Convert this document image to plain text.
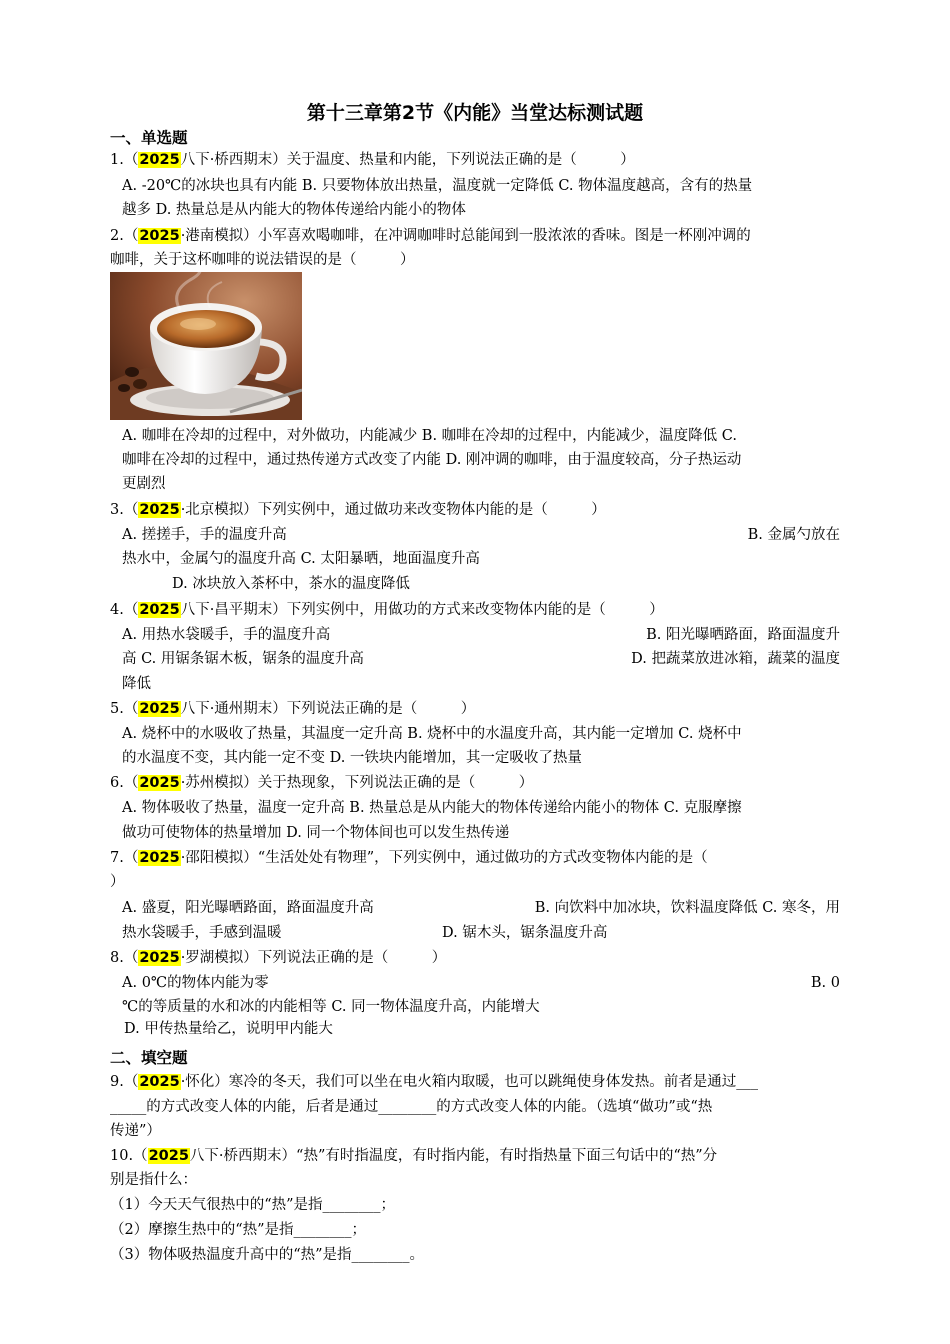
第十三章第2节《内能》当堂达标测试题
一、单选题
1.（2025八下·桥西期末）关于温度、热量和内能，下列说法正确的是（　　　）
A. -20℃的冰块也具有内能 B. 只要物体放出热量，温度就一定降低 C. 物体温度越高，含有的热量
越多 D. 热量总是从内能大的物体传递给内能小的物体
2.（2025·港南模拟）小军喜欢喝咖啡，在冲调咖啡时总能闻到一股浓浓的香味。图是一杯刚冲调的
咖啡，关于这杯咖啡的说法错误的是（　　　）
A. 咖啡在冷却的过程中，对外做功，内能减少 B. 咖啡在冷却的过程中，内能减少，温度降低 C.
咖啡在冷却的过程中，通过热传递方式改变了内能 D. 刚冲调的咖啡，由于温度较高，分子热运动
更剧烈
3.（2025·北京模拟）下列实例中，通过做功来改变物体内能的是（　　　）
A. 搓搓手，手的温度升高	B. 金属勺放在
热水中，金属勺的温度升高 C. 太阳暴晒，地面温度升高
D. 冰块放入茶杯中，茶水的温度降低
4.（2025八下·昌平期末）下列实例中，用做功的方式来改变物体内能的是（　　　）
A. 用热水袋暖手，手的温度升高	B. 阳光曝晒路面，路面温度升
高 C. 用锯条锯木板，锯条的温度升高	D. 把蔬菜放进冰箱，蔬菜的温度
降低
5.（2025八下·通州期末）下列说法正确的是（　　　）
A. 烧杯中的水吸收了热量，其温度一定升高 B. 烧杯中的水温度升高，其内能一定增加 C. 烧杯中
的水温度不变，其内能一定不变 D. 一铁块内能增加，其一定吸收了热量
6.（2025·苏州模拟）关于热现象，下列说法正确的是（　　　）
A. 物体吸收了热量，温度一定升高 B. 热量总是从内能大的物体传递给内能小的物体 C. 克服摩擦
做功可使物体的热量增加 D. 同一个物体间也可以发生热传递
7.（2025·邵阳模拟）“生活处处有物理”，下列实例中，通过做功的方式改变物体内能的是（
）
A. 盛夏，阳光曝晒路面，路面温度升高	B. 向饮料中加冰块，饮料温度降低 C. 寒冬，用
热水袋暖手，手感到温暖	D. 锯木头，锯条温度升高
8.（2025·罗湖模拟）下列说法正确的是（　　　）
A. 0℃的物体内能为零	B. 0
℃的等质量的水和冰的内能相等 C. 同一物体温度升高，内能增大
D. 甲传热量给乙，说明甲内能大
二、填空题
9.（2025·怀化）寒冷的冬天，我们可以坐在电火箱内取暖，也可以跳绳使身体发热。前者是通过___
_____的方式改变人体的内能，后者是通过________的方式改变人体的内能。（选填“做功”或“热
传递”）
10.（2025八下·桥西期末）“热”有时指温度，有时指内能，有时指热量下面三句话中的“热”分
别是指什么：
（1）今天天气很热中的“热”是指________；
（2）摩擦生热中的“热”是指________；
（3）物体吸热温度升高中的“热”是指________。
